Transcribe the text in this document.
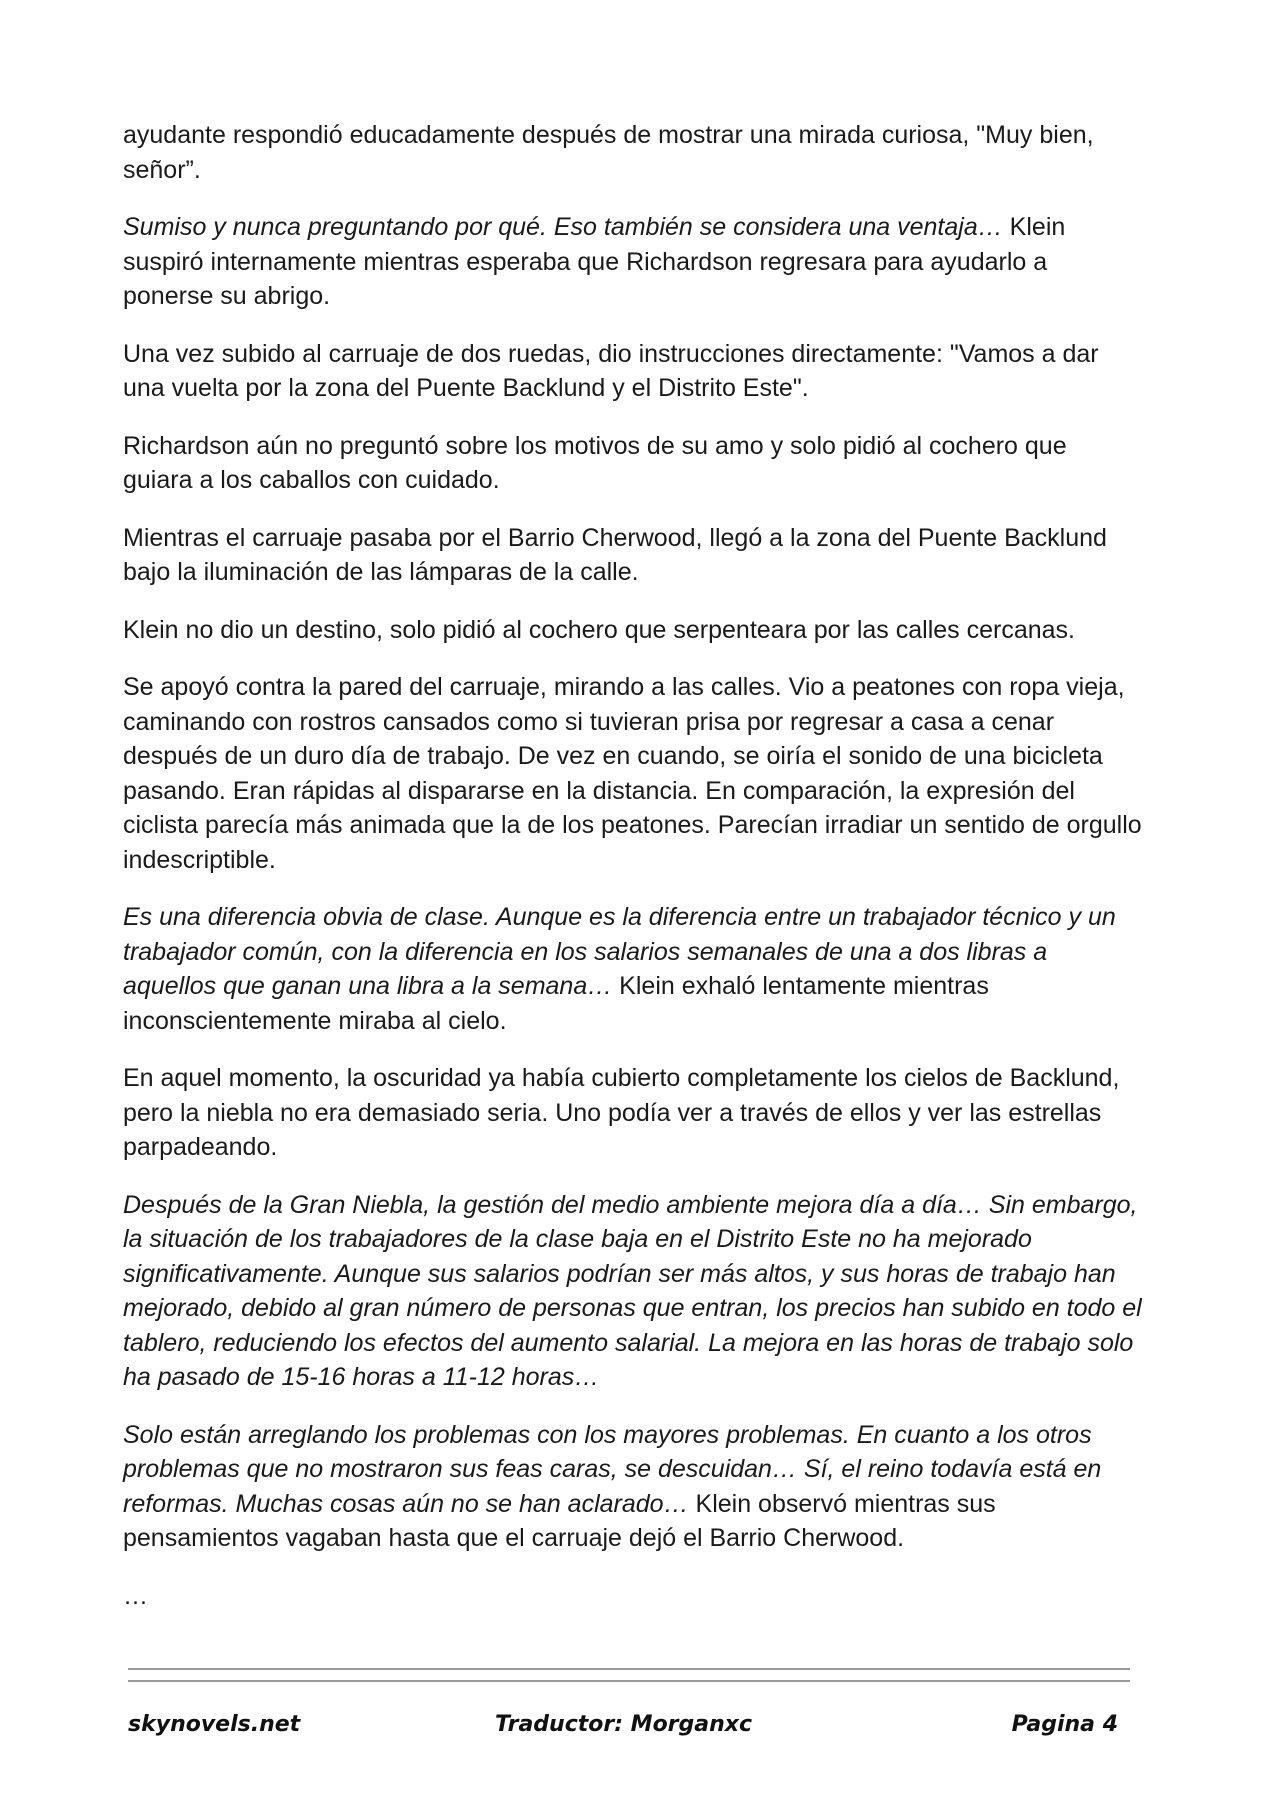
ayudante respondió educadamente después de mostrar una mirada curiosa, "Muy bien, señor”.

Sumiso y nunca preguntando por qué. Eso también se considera una ventaja… Klein suspiró internamente mientras esperaba que Richardson regresara para ayudarlo a ponerse su abrigo.

Una vez subido al carruaje de dos ruedas, dio instrucciones directamente: "Vamos a dar una vuelta por la zona del Puente Backlund y el Distrito Este".

Richardson aún no preguntó sobre los motivos de su amo y solo pidió al cochero que guiara a los caballos con cuidado.

Mientras el carruaje pasaba por el Barrio Cherwood, llegó a la zona del Puente Backlund bajo la iluminación de las lámparas de la calle.

Klein no dio un destino, solo pidió al cochero que serpenteara por las calles cercanas.

Se apoyó contra la pared del carruaje, mirando a las calles. Vio a peatones con ropa vieja, caminando con rostros cansados como si tuvieran prisa por regresar a casa a cenar después de un duro día de trabajo. De vez en cuando, se oiría el sonido de una bicicleta pasando. Eran rápidas al dispararse en la distancia. En comparación, la expresión del ciclista parecía más animada que la de los peatones. Parecían irradiar un sentido de orgullo indescriptible.

Es una diferencia obvia de clase. Aunque es la diferencia entre un trabajador técnico y un trabajador común, con la diferencia en los salarios semanales de una a dos libras a aquellos que ganan una libra a la semana… Klein exhaló lentamente mientras inconscientemente miraba al cielo.

En aquel momento, la oscuridad ya había cubierto completamente los cielos de Backlund, pero la niebla no era demasiado seria. Uno podía ver a través de ellos y ver las estrellas parpadeando.

Después de la Gran Niebla, la gestión del medio ambiente mejora día a día… Sin embargo, la situación de los trabajadores de la clase baja en el Distrito Este no ha mejorado significativamente. Aunque sus salarios podrían ser más altos, y sus horas de trabajo han mejorado, debido al gran número de personas que entran, los precios han subido en todo el tablero, reduciendo los efectos del aumento salarial. La mejora en las horas de trabajo solo ha pasado de 15-16 horas a 11-12 horas…

Solo están arreglando los problemas con los mayores problemas. En cuanto a los otros problemas que no mostraron sus feas caras, se descuidan… Sí, el reino todavía está en reformas. Muchas cosas aún no se han aclarado… Klein observó mientras sus pensamientos vagaban hasta que el carruaje dejó el Barrio Cherwood.

…

skynovels.net	Traductor: Morganxc	Pagina 4
